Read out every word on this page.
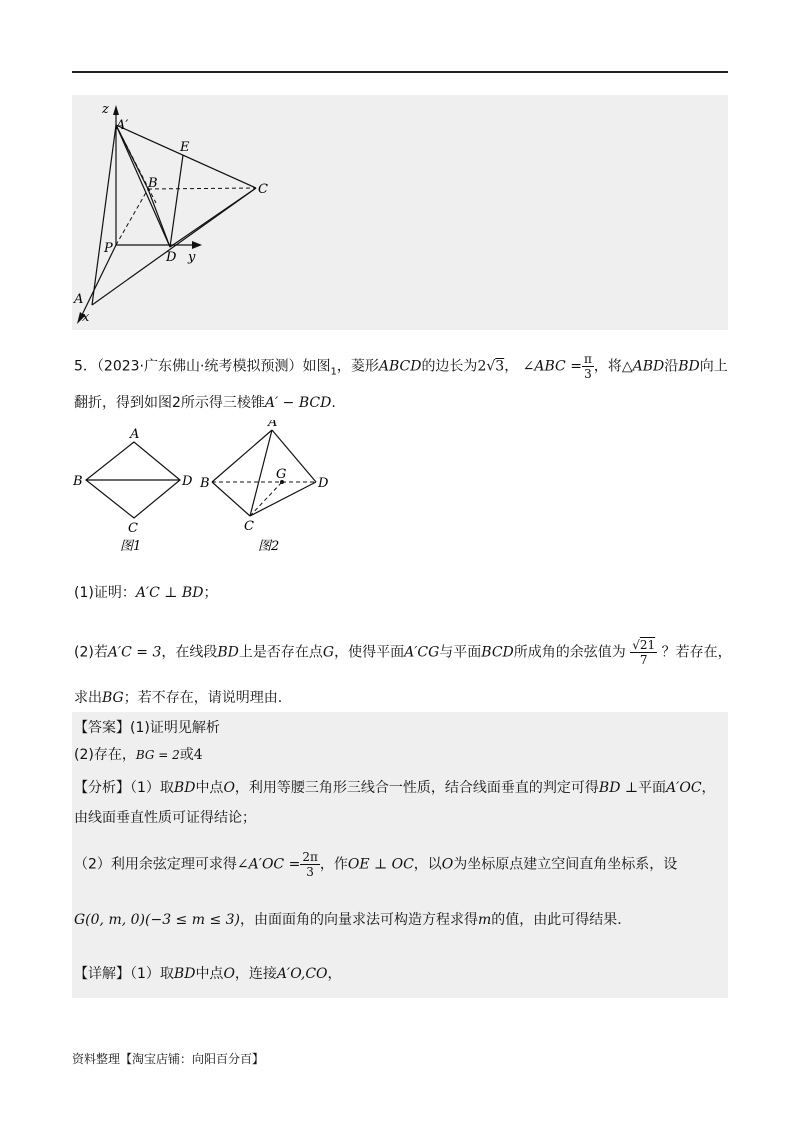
z
A′
E
B	C
P
D y
A
x
5．（2023·广东佛山·统考模拟预测）如图$_1$，菱形ABCD的边长为2√3， ∠ABC = $\frac{\pi}{3}$ ，将△ABD沿BD向上
翻折，得到如图2所示得三棱锥A′ − BCD.
A
B
C
D
图1
A′
G
B
C
D
图2
(1)证明：A′C ⊥ BD；
(2)若A′C = 3，在线段BD上是否存在点G，使得平面A′CG与平面BCD所成角的余弦值为 $\frac{√21}{7}$ ？若存在，
求出BG；若不存在，请说明理由.
【答案】(1)证明见解析
(2)存在，BG = 2或4
【分析】（1）取BD中点O，利用等腰三角形三线合一性质，结合线面垂直的判定可得BD ⊥平面A′OC，
由线面垂直性质可证得结论；
（2）利用余弦定理可求得∠A′OC = $\frac{2\pi}{3}$ ，作OE ⊥ OC，以O为坐标原点建立空间直角坐标系，设
G(0, m, 0)(−3 ≤ m ≤ 3)，由面面角的向量求法可构造方程求得m的值，由此可得结果.
【详解】（1）取BD中点O，连接A′O,CO，
资料整理【淘宝店铺：向阳百分百】
